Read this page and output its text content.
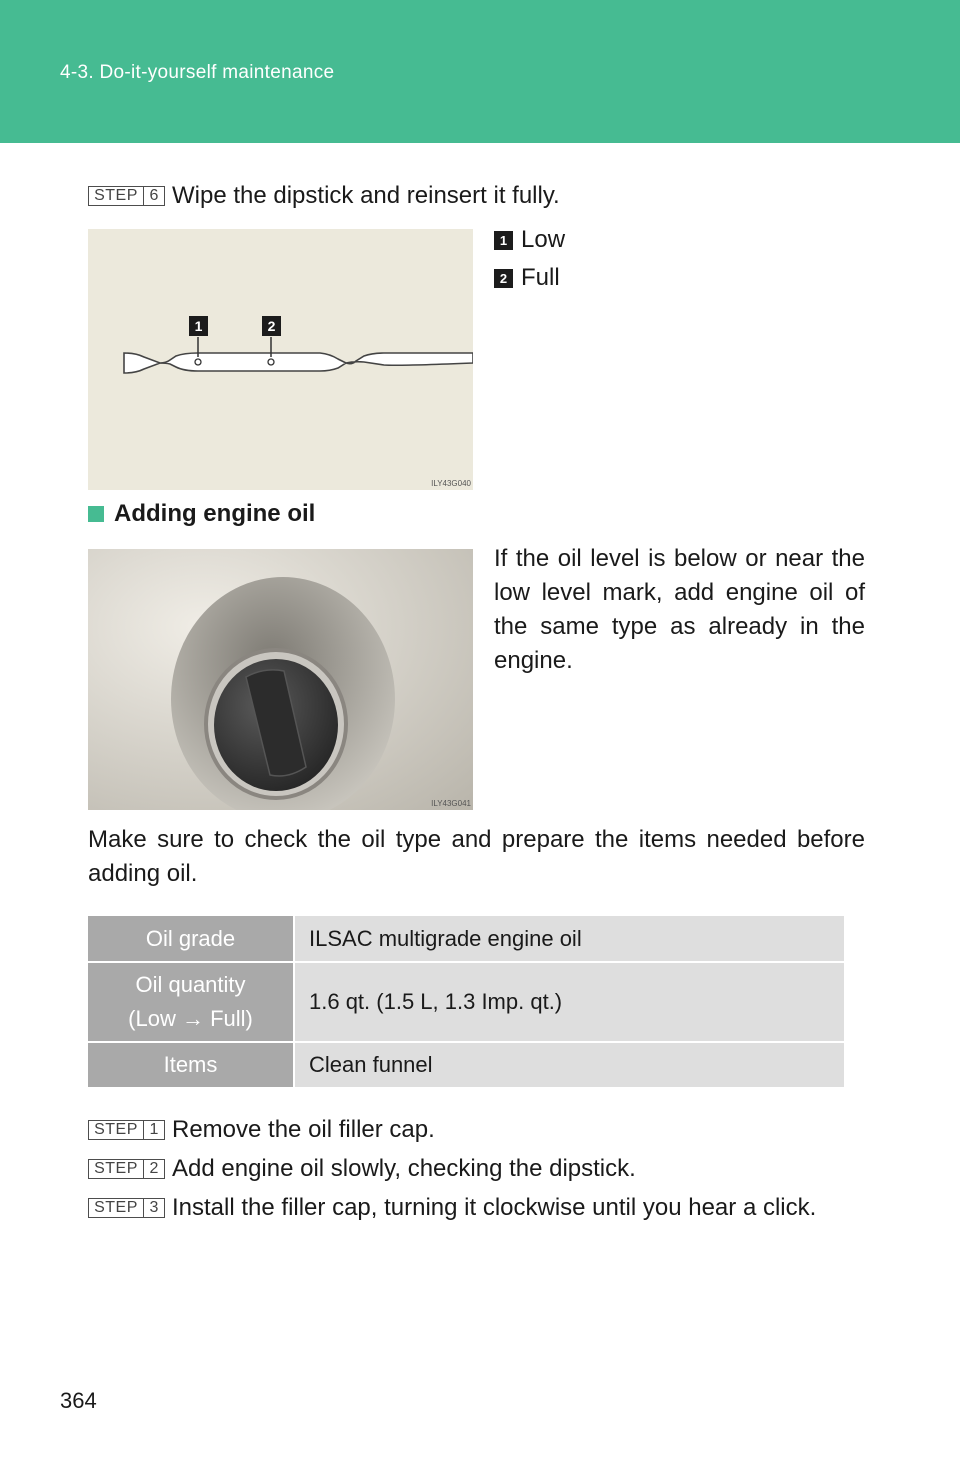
4-3. Do-it-yourself maintenance
STEP 6 Wipe the dipstick and reinsert it fully.
1	2
ILY43G040
1 Low
2 Full
Adding engine oil
ILY43G041
If the oil level is below or near the low level mark, add engine oil of the same type as already in the engine.
Make sure to check the oil type and prepare the items needed before adding oil.
Oil grade	ILSAC multigrade engine oil

Oil quantity
(Low → Full)	1.6 qt. (1.5 L, 1.3 Imp. qt.)
Items	Clean funnel
STEP 1 Remove the oil filler cap.
STEP 2 Add engine oil slowly, checking the dipstick.
STEP 3 Install the filler cap, turning it clockwise until you hear a click.
364
